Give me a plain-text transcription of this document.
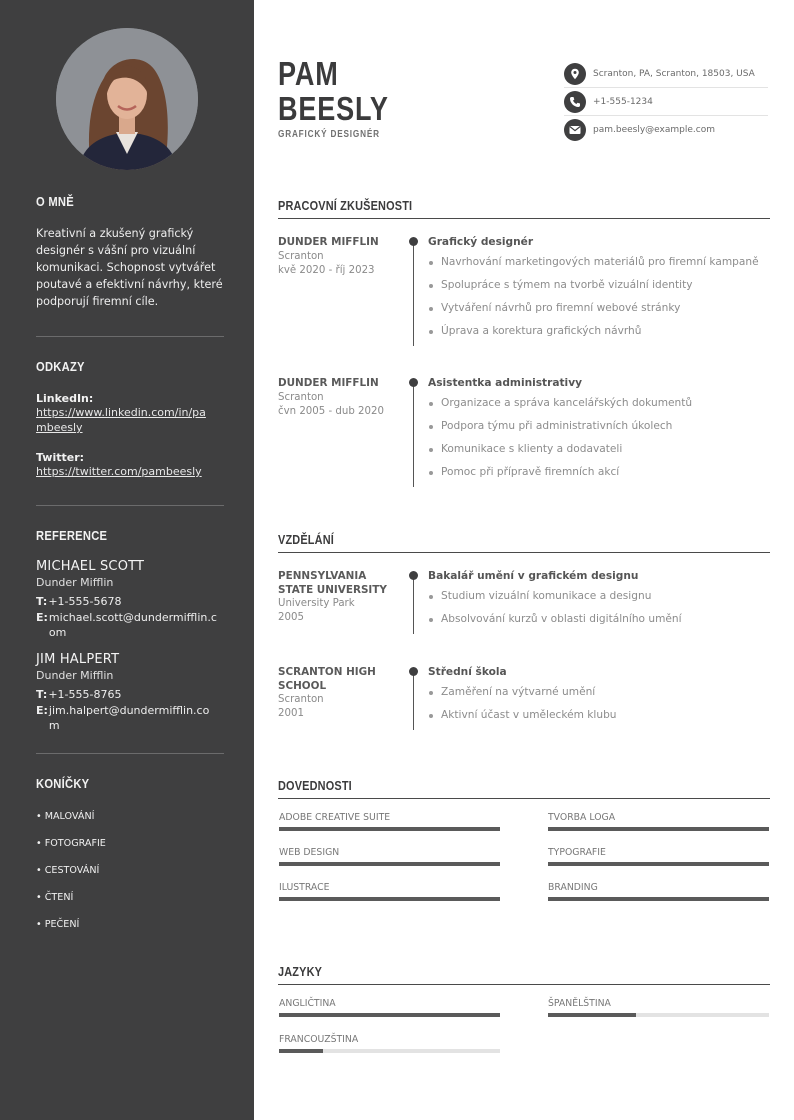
O MNĚ
Kreativní a zkušený grafický designér s vášní pro vizuální komunikaci. Schopnost vytvářet poutavé a efektivní návrhy, které podporují firemní cíle.
ODKAZY
LinkedIn:
https://www.linkedin.com/in/pambeesly
Twitter:
https://twitter.com/pambeesly
REFERENCE
MICHAEL SCOTT
Dunder Mifflin
T: +1-555-5678
E: michael.scott@dundermifflin.com
JIM HALPERT
Dunder Mifflin
T: +1-555-8765
E: jim.halpert@dundermifflin.com
KONÍČKY
• MALOVÁNÍ
• FOTOGRAFIE
• CESTOVÁNÍ
• ČTENÍ
• PEČENÍ
PAM
BEESLY
GRAFICKÝ DESIGNÉR
Scranton, PA, Scranton, 18503, USA
+1-555-1234
pam.beesly@example.com
PRACOVNÍ ZKUŠENOSTI
DUNDER MIFFLIN
Scranton
kvě 2020 - říj 2023
Grafický designér
Navrhování marketingových materiálů pro firemní kampaně
Spolupráce s týmem na tvorbě vizuální identity
Vytváření návrhů pro firemní webové stránky
Úprava a korektura grafických návrhů
DUNDER MIFFLIN
Scranton
čvn 2005 - dub 2020
Asistentka administrativy
Organizace a správa kancelářských dokumentů
Podpora týmu při administrativních úkolech
Komunikace s klienty a dodavateli
Pomoc při přípravě firemních akcí
VZDĚLÁNÍ
PENNSYLVANIA STATE UNIVERSITY
University Park
2005
Bakalář umění v grafickém designu
Studium vizuální komunikace a designu
Absolvování kurzů v oblasti digitálního umění
SCRANTON HIGH SCHOOL
Scranton
2001
Střední škola
Zaměření na výtvarné umění
Aktivní účast v uměleckém klubu
DOVEDNOSTI
ADOBE CREATIVE SUITE	TVORBA LOGA
WEB DESIGN	TYPOGRAFIE
ILUSTRACE	BRANDING
JAZYKY
ANGLIČTINA	ŠPANĚLŠTINA
FRANCOUZŠTINA
